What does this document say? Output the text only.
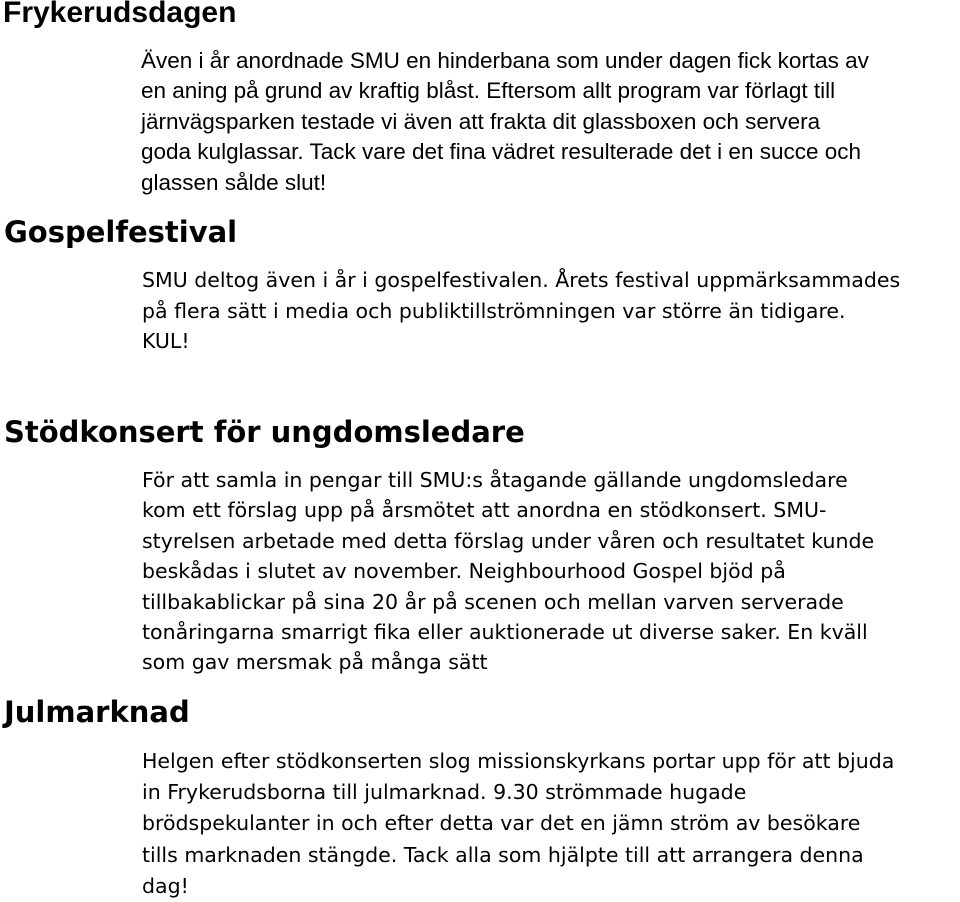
Frykerudsdagen

Även i år anordnade SMU en hinderbana som under dagen fick kortas av
en aning på grund av kraftig blåst. Eftersom allt program var förlagt till
järnvägsparken testade vi även att frakta dit glassboxen och servera
goda kulglassar. Tack vare det fina vädret resulterade det i en succe och
glassen sålde slut!

Gospelfestival

SMU deltog även i år i gospelfestivalen. Årets festival uppmärksammades
på flera sätt i media och publiktillströmningen var större än tidigare.
KUL!

Stödkonsert för ungdomsledare

För att samla in pengar till SMU:s åtagande gällande ungdomsledare
kom ett förslag upp på årsmötet att anordna en stödkonsert. SMU-
styrelsen arbetade med detta förslag under våren och resultatet kunde
beskådas i slutet av november. Neighbourhood Gospel bjöd på
tillbakablickar på sina 20 år på scenen och mellan varven serverade
tonåringarna smarrigt fika eller auktionerade ut diverse saker. En kväll
som gav mersmak på många sätt

Julmarknad

Helgen efter stödkonserten slog missionskyrkans portar upp för att bjuda
in Frykerudsborna till julmarknad. 9.30 strömmade hugade
brödspekulanter in och efter detta var det en jämn ström av besökare
tills marknaden stängde. Tack alla som hjälpte till att arrangera denna
dag!
